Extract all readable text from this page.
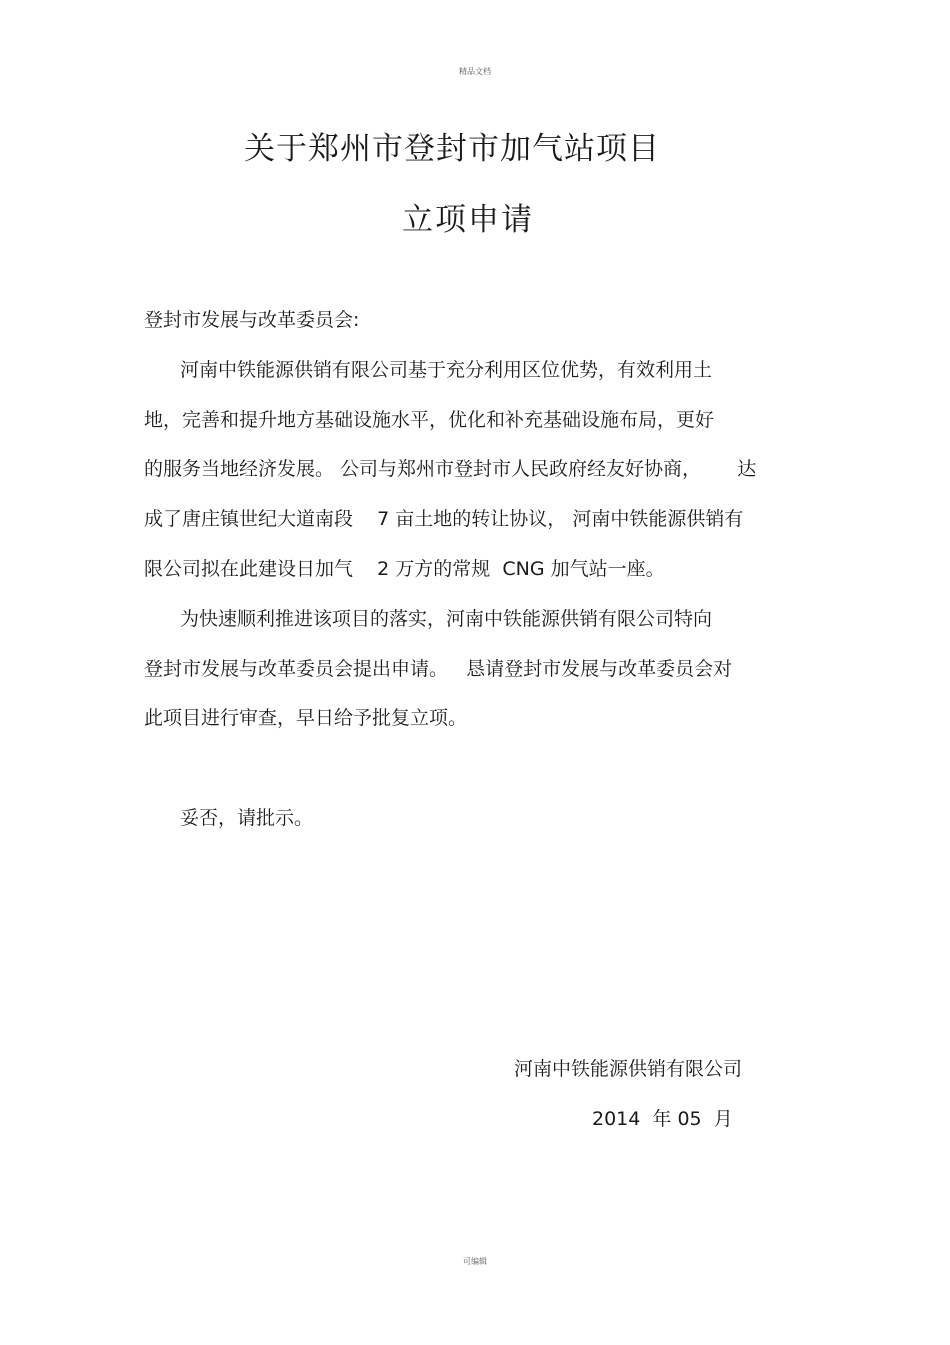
精品文档
关于郑州市登封市加气站项目
立项申请
登封市发展与改革委员会:
河南中铁能源供销有限公司基于充分利用区位优势，有效利用土
地，完善和提升地方基础设施水平，优化和补充基础设施布局，更好
的服务当地经济发展。 公司与郑州市登封市人民政府经友好协商，      达
成了唐庄镇世纪大道南段    7 亩土地的转让协议， 河南中铁能源供销有
限公司拟在此建设日加气    2 万方的常规  CNG 加气站一座。
为快速顺利推进该项目的落实，河南中铁能源供销有限公司特向
登封市发展与改革委员会提出申请。   恳请登封市发展与改革委员会对
此项目进行审查，早日给予批复立项。
妥否，请批示。
河南中铁能源供销有限公司
2014  年 05  月
可编辑
